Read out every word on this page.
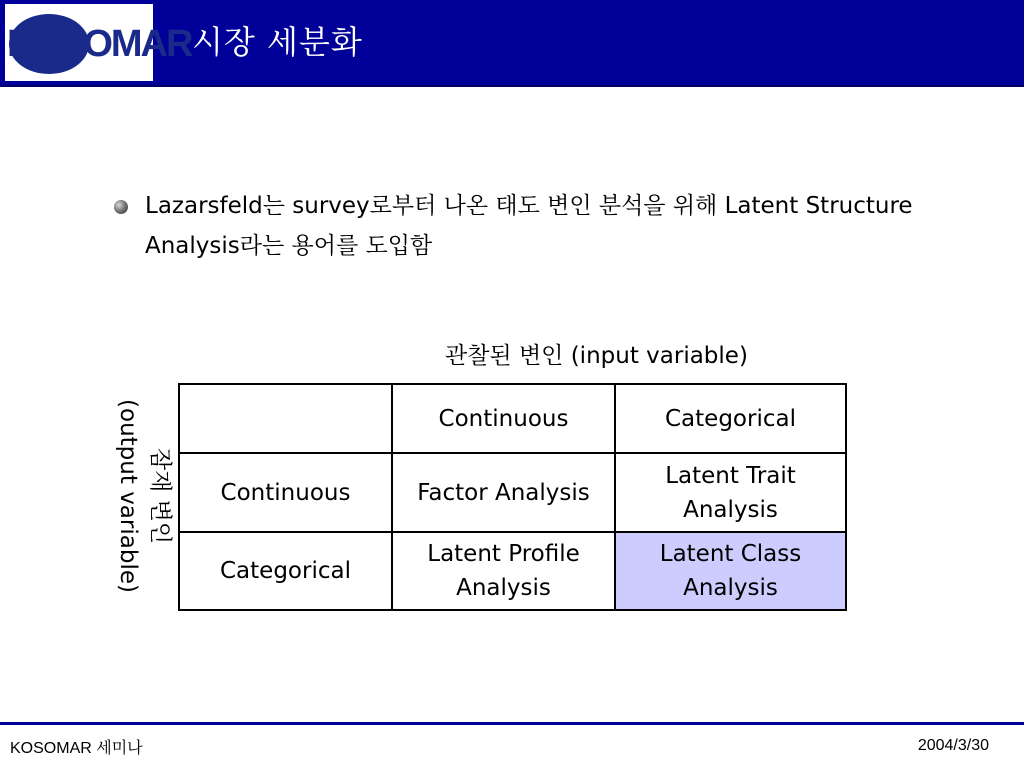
KOSOMAR 시장 세분화
Lazarsfeld는 survey로부터 나온 태도 변인 분석을 위해 Latent Structure Analysis라는 용어를 도입함
관찰된 변인 (input variable)
잠재 변인
(output variable)
		Continuous	Categorical
Continuous	Factor Analysis	Latent Trait Analysis
Categorical	Latent Profile Analysis	Latent Class Analysis
KOSOMAR 세미나	2004/3/30
